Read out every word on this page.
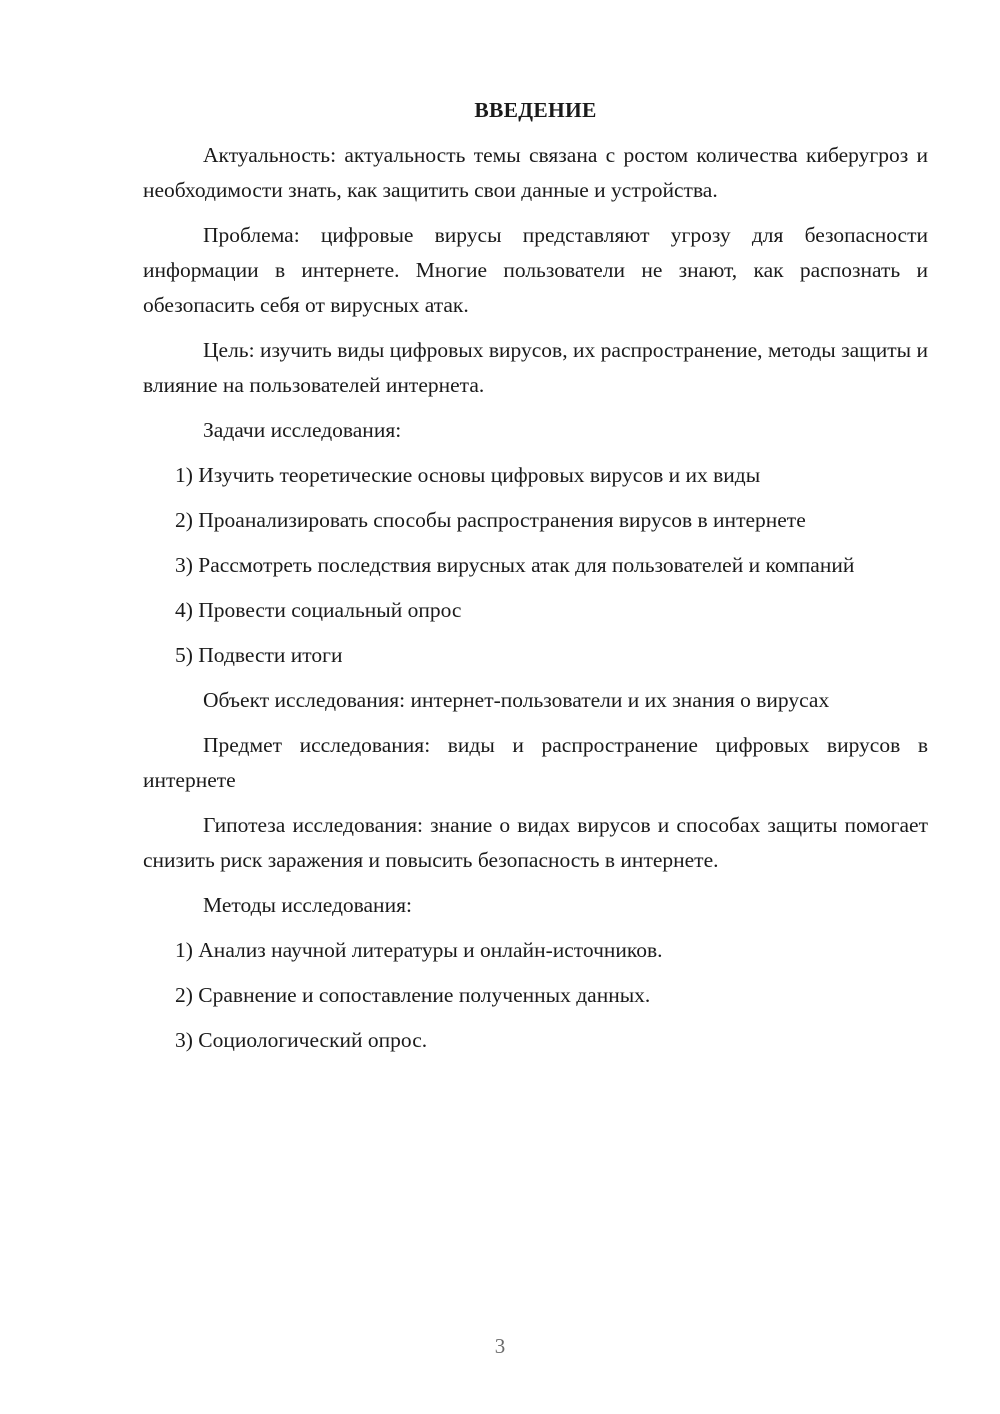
ВВЕДЕНИЕ

Актуальность: актуальность темы связана с ростом количества киберугроз и необходимости знать, как защитить свои данные и устройства.

Проблема: цифровые вирусы представляют угрозу для безопасности информации в интернете. Многие пользователи не знают, как распознать и обезопасить себя от вирусных атак.

Цель: изучить виды цифровых вирусов, их распространение, методы защиты и влияние на пользователей интернета.

Задачи исследования:

1) Изучить теоретические основы цифровых вирусов и их виды

2) Проанализировать способы распространения вирусов в интернете

3) Рассмотреть последствия вирусных атак для пользователей и компаний

4) Провести социальный опрос

5) Подвести итоги

Объект исследования: интернет-пользователи и их знания о вирусах

Предмет исследования: виды и распространение цифровых вирусов в интернете

Гипотеза исследования: знание о видах вирусов и способах защиты помогает снизить риск заражения и повысить безопасность в интернете.

Методы исследования:

1) Анализ научной литературы и онлайн-источников.

2) Сравнение и сопоставление полученных данных.

3) Социологический опрос.

3
